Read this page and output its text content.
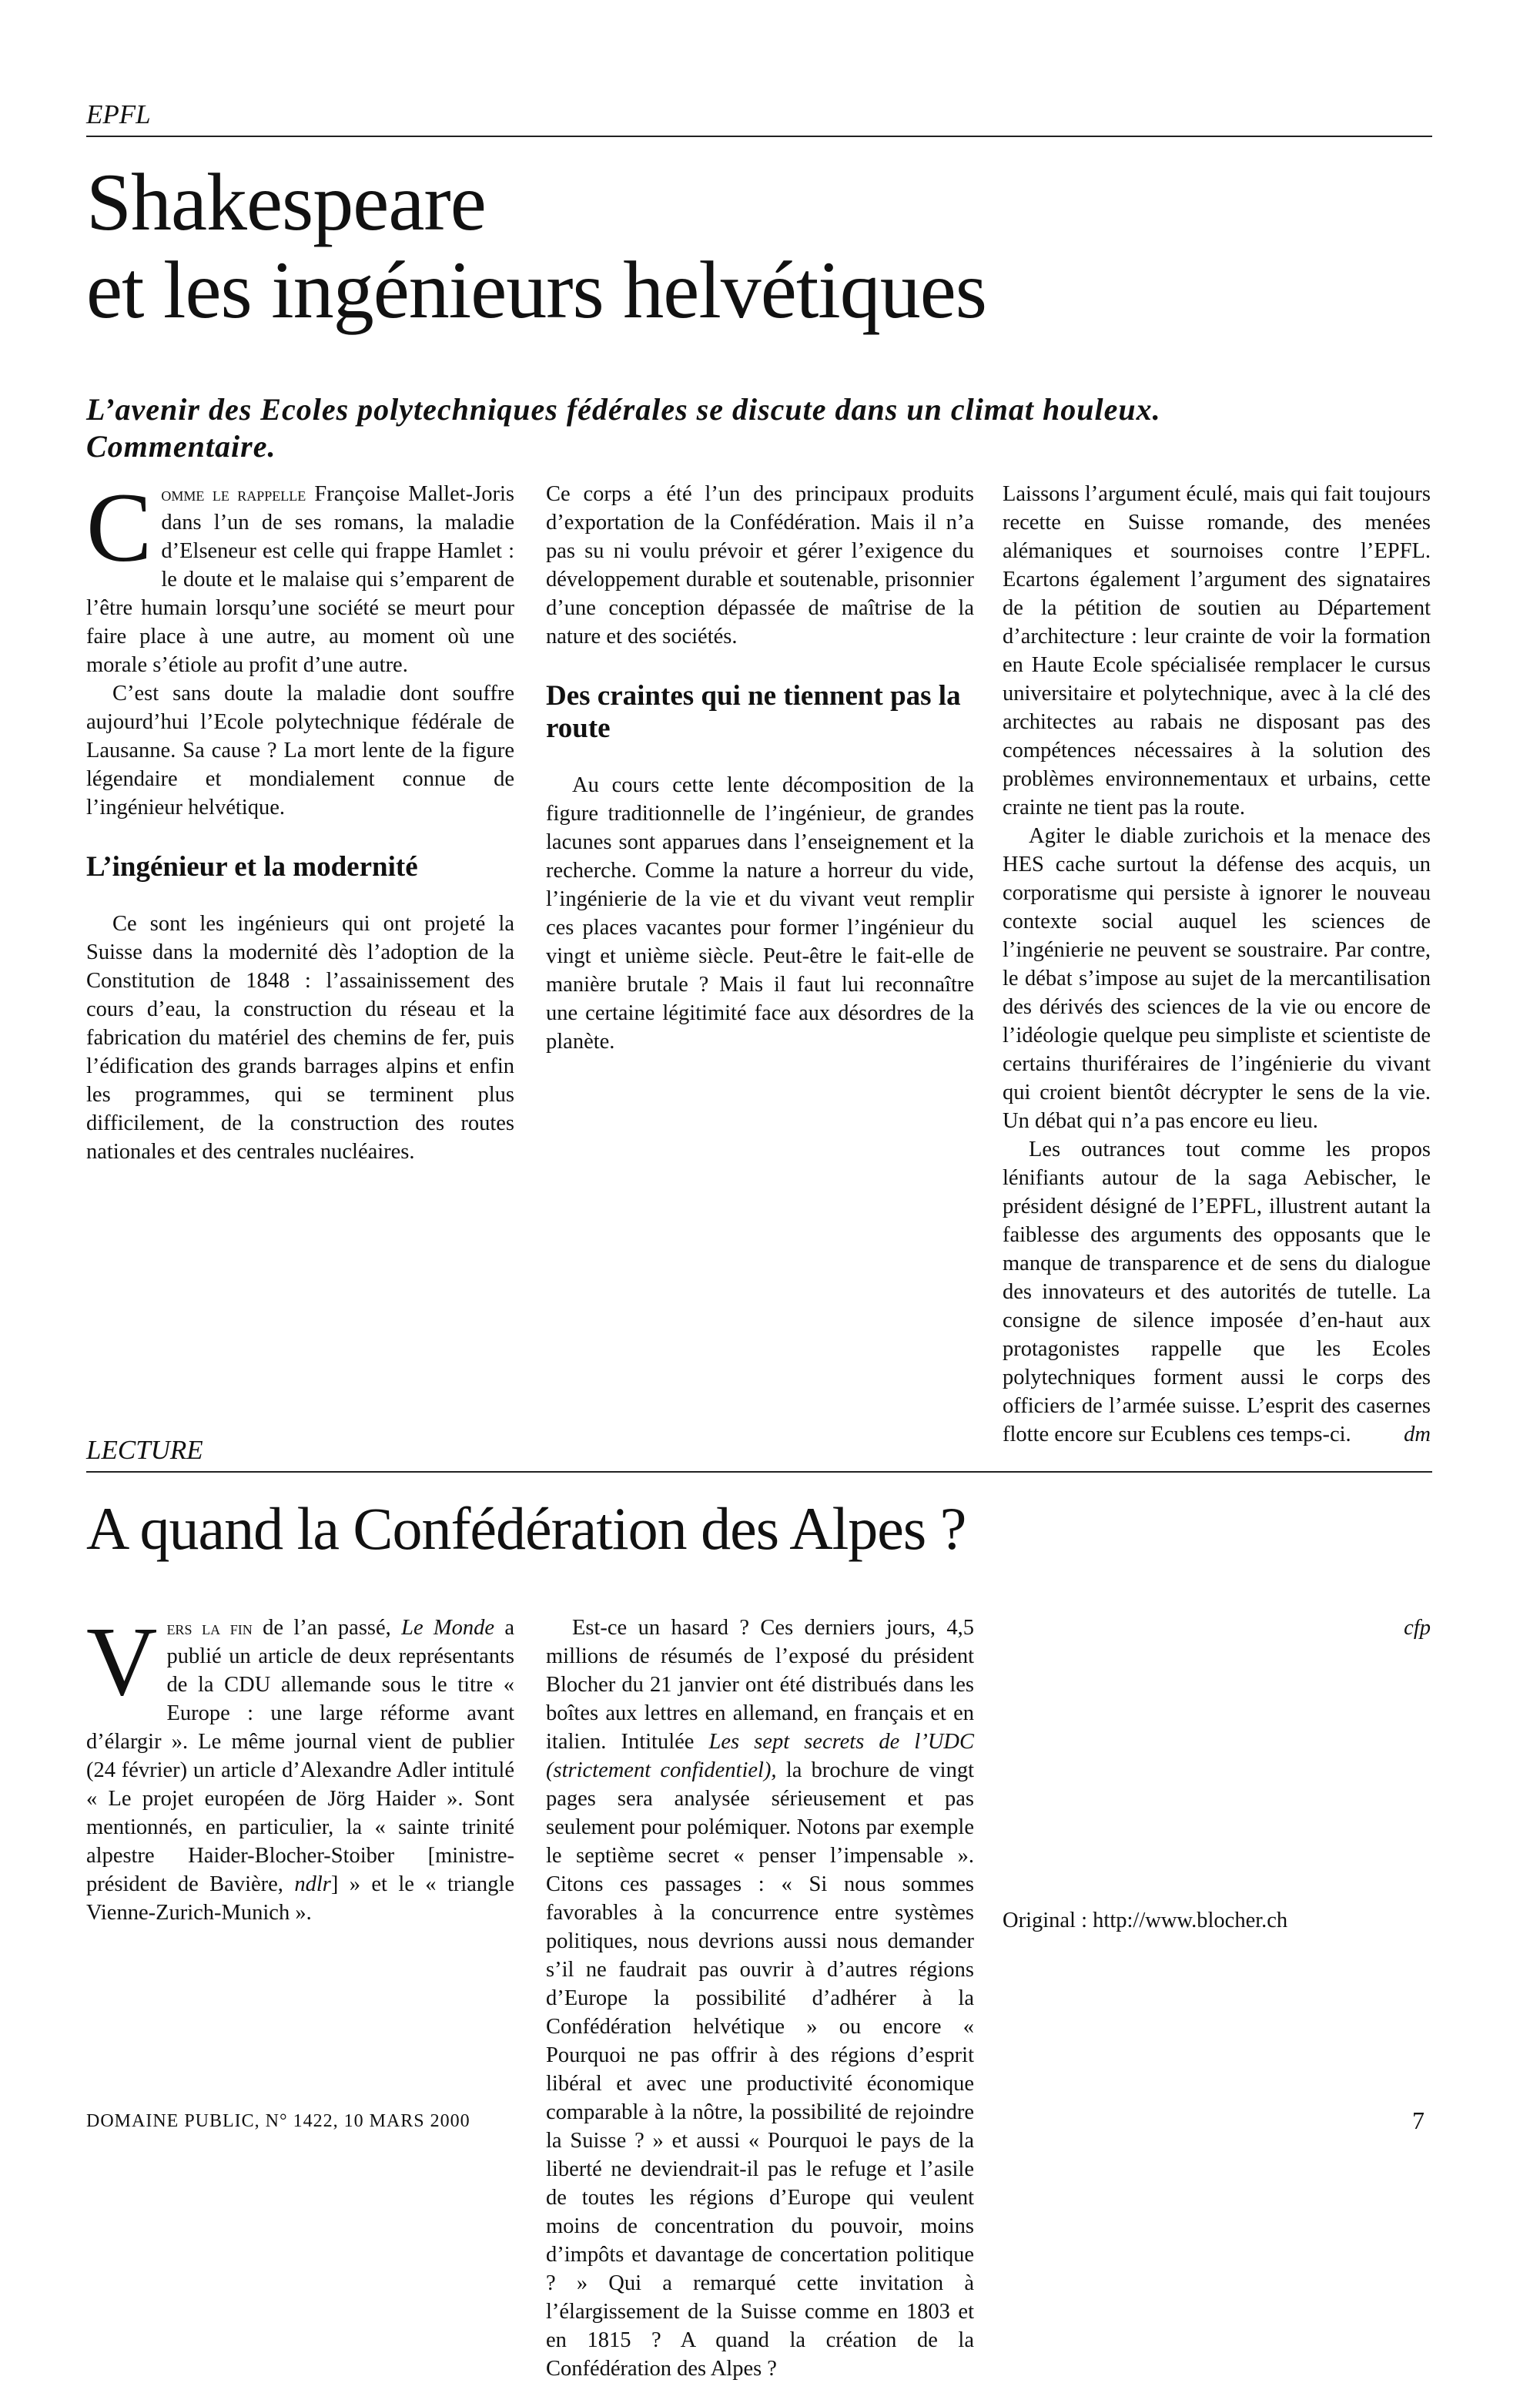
EPFL
Shakespeare
et les ingénieurs helvétiques
L’avenir des Ecoles polytechniques fédérales se discute dans un climat houleux. Commentaire.

Comme le rappelle Françoise Mallet-Joris dans l’un de ses romans, la maladie d’Elseneur est celle qui frappe Hamlet : le doute et le malaise qui s’emparent de l’être humain lorsqu’une société se meurt pour faire place à une autre, au moment où une morale s’étiole au profit d’une autre.

C’est sans doute la maladie dont souffre aujourd’hui l’Ecole polytechnique fédérale de Lausanne. Sa cause ? La mort lente de la figure légendaire et mondialement connue de l’ingénieur helvétique.

L’ingénieur et la modernité

Ce sont les ingénieurs qui ont projeté la Suisse dans la modernité dès l’adoption de la Constitution de 1848 : l’assainissement des cours d’eau, la construction du réseau et la fabrication du matériel des chemins de fer, puis l’édification des grands barrages alpins et enfin les programmes, qui se terminent plus difficilement, de la construction des routes nationales et des centrales nucléaires.

Ce corps a été l’un des principaux produits d’exportation de la Confédération. Mais il n’a pas su ni voulu prévoir et gérer l’exigence du développement durable et soutenable, prisonnier d’une conception dépassée de maîtrise de la nature et des sociétés.

Des craintes qui ne tiennent pas la route

Au cours cette lente décomposition de la figure traditionnelle de l’ingénieur, de grandes lacunes sont apparues dans l’enseignement et la recherche. Comme la nature a horreur du vide, l’ingénierie de la vie et du vivant veut remplir ces places vacantes pour former l’ingénieur du vingt et unième siècle. Peut-être le fait-elle de manière brutale ? Mais il faut lui reconnaître une certaine légitimité face aux désordres de la planète.

Laissons l’argument éculé, mais qui fait toujours recette en Suisse romande, des menées alémaniques et sournoises contre l’EPFL. Ecartons également l’argument des signataires de la pétition de soutien au Département d’architecture : leur crainte de voir la formation en Haute Ecole spécialisée remplacer le cursus universitaire et polytechnique, avec à la clé des architectes au rabais ne disposant pas des compétences nécessaires à la solution des problèmes environnementaux et urbains, cette crainte ne tient pas la route.

Agiter le diable zurichois et la menace des HES cache surtout la défense des acquis, un corporatisme qui persiste à ignorer le nouveau contexte social auquel les sciences de l’ingénierie ne peuvent se soustraire. Par contre, le débat s’impose au sujet de la mercantilisation des dérivés des sciences de la vie ou encore de l’idéologie quelque peu simpliste et scientiste de certains thuriféraires de l’ingénierie du vivant qui croient bientôt décrypter le sens de la vie. Un débat qui n’a pas encore eu lieu.

Les outrances tout comme les propos lénifiants autour de la saga Aebischer, le président désigné de l’EPFL, illustrent autant la faiblesse des arguments des opposants que le manque de transparence et de sens du dialogue des innovateurs et des autorités de tutelle. La consigne de silence imposée d’en-haut aux protagonistes rappelle que les Ecoles polytechniques forment aussi le corps des officiers de l’armée suisse. L’esprit des casernes flotte encore sur Ecublens ces temps-ci.	dm

LECTURE
A quand la Confédération des Alpes ?

Vers la fin de l’an passé, Le Monde a publié un article de deux représentants de la CDU allemande sous le titre « Europe : une large réforme avant d’élargir ». Le même journal vient de publier (24 février) un article d’Alexandre Adler intitulé « Le projet européen de Jörg Haider ». Sont mentionnés, en particulier, la « sainte trinité alpestre Haider-Blocher-Stoiber [ministre-président de Bavière, ndlr] » et le « triangle Vienne-Zurich-Munich ».

Est-ce un hasard ? Ces derniers jours, 4,5 millions de résumés de l’exposé du président Blocher du 21 janvier ont été distribués dans les boîtes aux lettres en allemand, en français et en italien. Intitulée Les sept secrets de l’UDC (strictement confidentiel), la brochure de vingt pages sera analysée sérieusement et pas seulement pour polémiquer. Notons par exemple le septième secret « penser l’impensable ». Citons ces passages : « Si nous sommes favorables à la concurrence entre systèmes politiques, nous devrions aussi nous demander s’il ne faudrait pas ouvrir à d’autres régions d’Europe la possibilité d’adhérer à la Confédération helvétique » ou encore « Pourquoi ne pas offrir à des régions d’esprit libéral et avec une productivité économique comparable à la nôtre, la possibilité de rejoindre la Suisse ? » et aussi « Pourquoi le pays de la liberté ne deviendrait-il pas le refuge et l’asile de toutes les régions d’Europe qui veulent moins de concentration du pouvoir, moins d’impôts et davantage de concertation politique ? » Qui a remarqué cette invitation à l’élargissement de la Suisse comme en 1803 et en 1815 ? A quand la création de la Confédération des Alpes ?

cfp

Original : http://www.blocher.ch

DOMAINE PUBLIC, N° 1422, 10 MARS 2000	7
